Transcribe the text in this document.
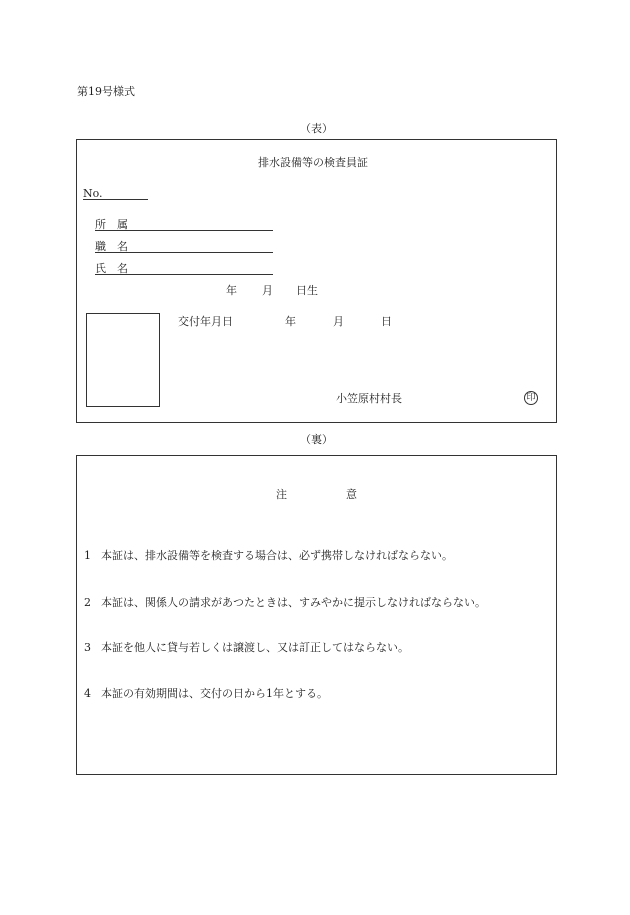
第19号様式
（表）
排水設備等の検査員証
No.
所　属
職　名
氏　名
年 月 日生
交付年月日	年	月	日
小笠原村村長	印
（裏）
注	意
1 本証は、排水設備等を検査する場合は、必ず携帯しなければならない。
2 本証は、関係人の請求があつたときは、すみやかに提示しなければならない。
3 本証を他人に貸与若しくは譲渡し、又は訂正してはならない。
4 本証の有効期間は、交付の日から1年とする。
